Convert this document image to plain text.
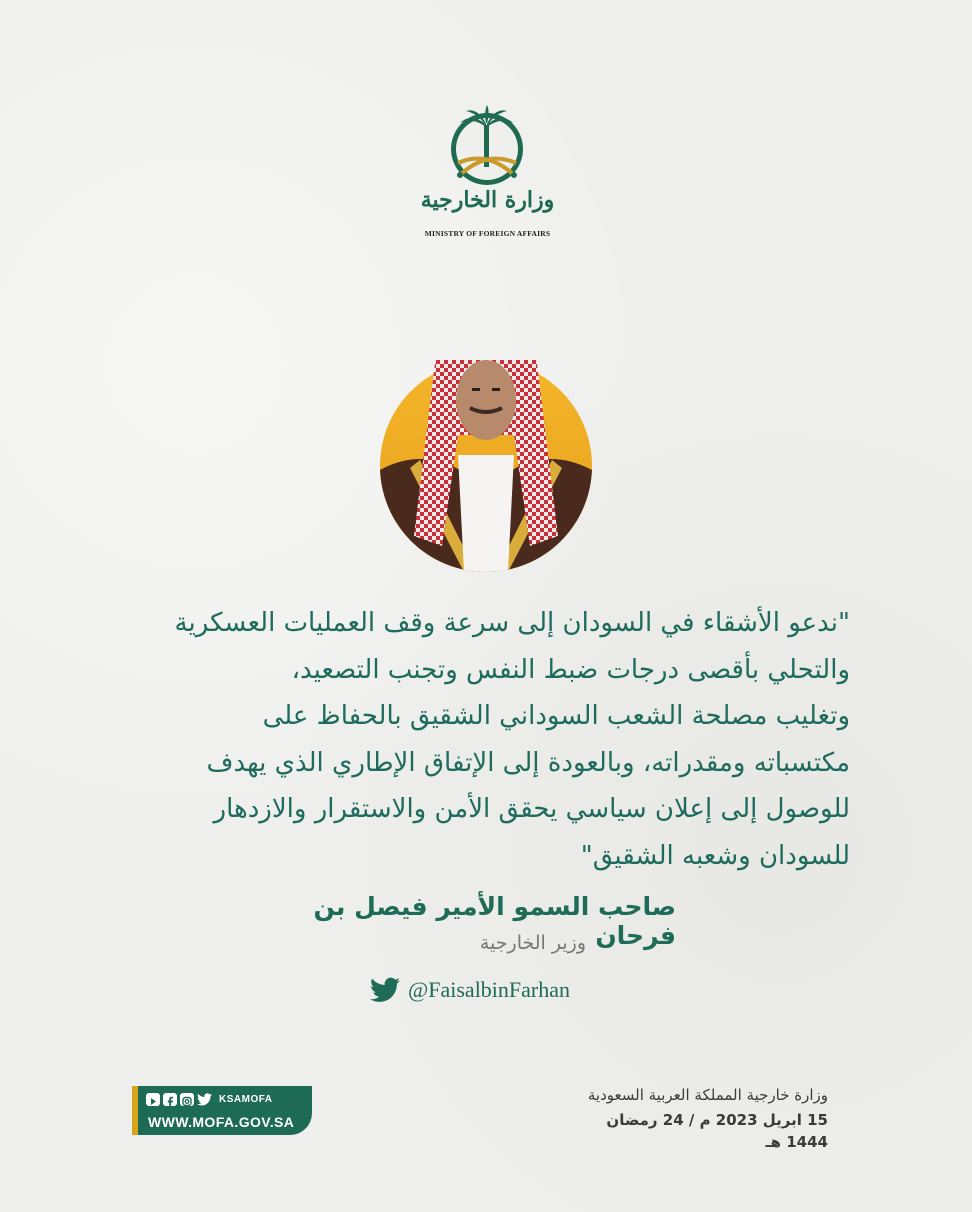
وزارة الخارجية
MINISTRY OF FOREIGN AFFAIRS
"ندعو الأشقاء في السودان إلى سرعة وقف العمليات العسكرية
والتحلي بأقصى درجات ضبط النفس وتجنب التصعيد،
وتغليب مصلحة الشعب السوداني الشقيق بالحفاظ على
مكتسباته ومقدراته، وبالعودة إلى الإتفاق الإطاري الذي يهدف
للوصول إلى إعلان سياسي يحقق الأمن والاستقرار والازدهار
للسودان وشعبه الشقيق"
صاحب السمو الأمير فيصل بن فرحان
وزير الخارجية
@FaisalbinFarhan
KSAMOFA
WWW.MOFA.GOV.SA
وزارة خارجية المملكة العربية السعودية
15 ابريل 2023 م / 24 رمضان 1444 هـ
